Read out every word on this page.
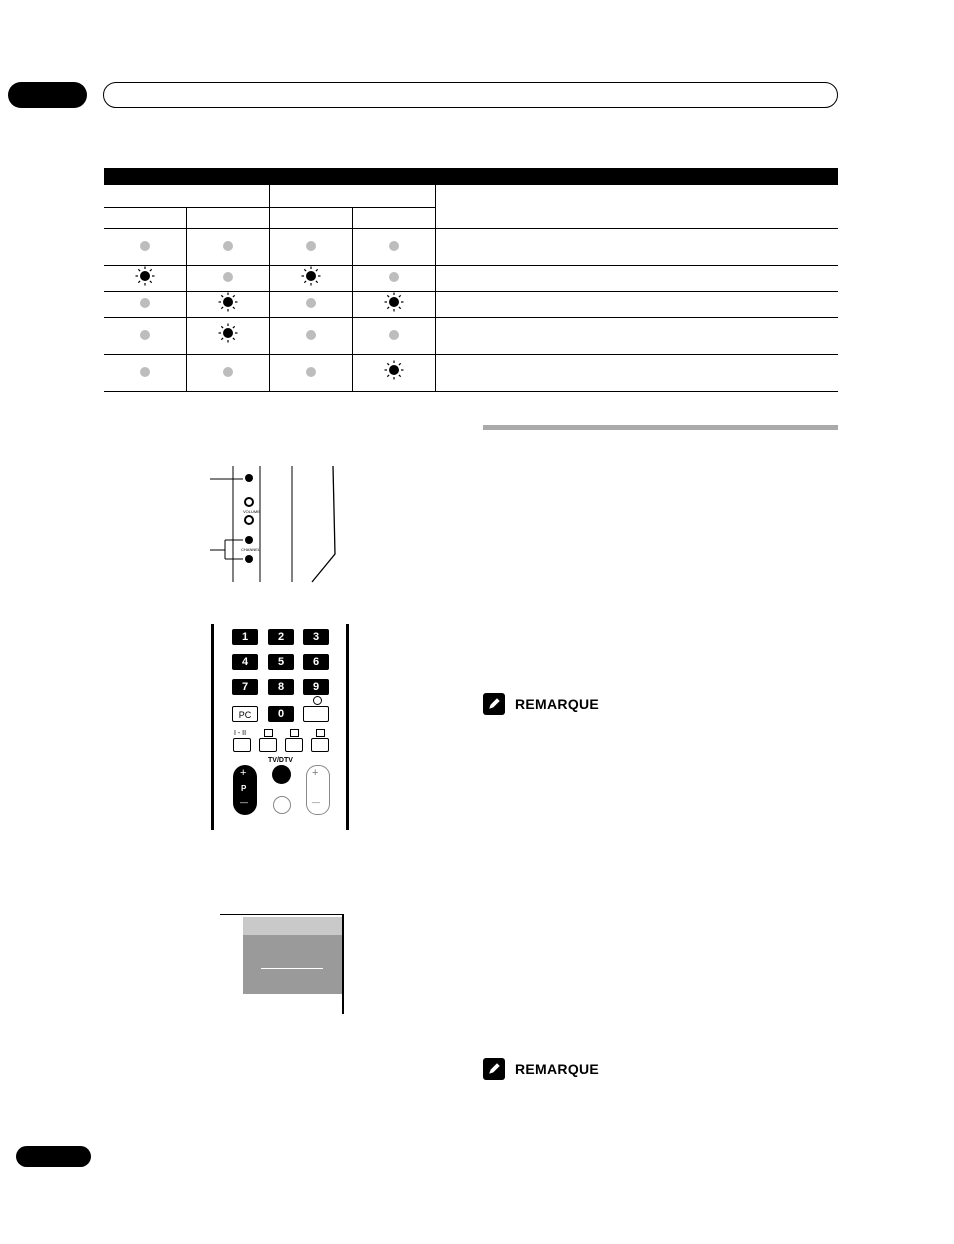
VOLUME
CHANNEL
1	2	3
4	5	6
7	8	9
PC	0
I - II
+
P
—
TV/DTV
+
—
REMARQUE
REMARQUE
